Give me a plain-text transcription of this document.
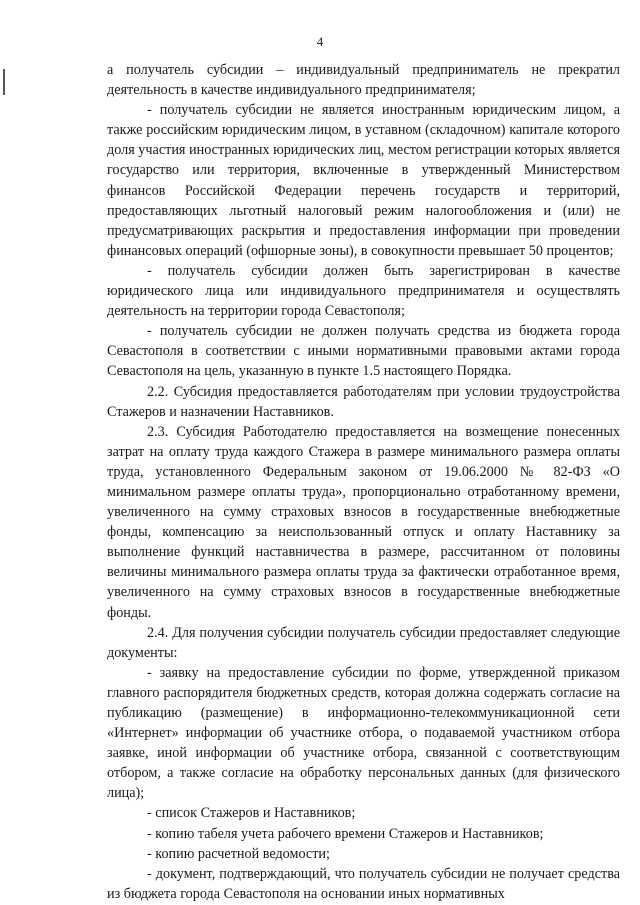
4

а получатель субсидии – индивидуальный предприниматель не прекратил деятельность в качестве индивидуального предпринимателя;

- получатель субсидии не является иностранным юридическим лицом, а также российским юридическим лицом, в уставном (складочном) капитале которого доля участия иностранных юридических лиц, местом регистрации которых является государство или территория, включенные в утвержденный Министерством финансов Российской Федерации перечень государств и территорий, предоставляющих льготный налоговый режим налогообложения и (или) не предусматривающих раскрытия и предоставления информации при проведении финансовых операций (офшорные зоны), в совокупности превышает 50 процентов;

- получатель субсидии должен быть зарегистрирован в качестве юридического лица или индивидуального предпринимателя и осуществлять деятельность на территории города Севастополя;

- получатель субсидии не должен получать средства из бюджета города Севастополя в соответствии с иными нормативными правовыми актами города Севастополя на цель, указанную в пункте 1.5 настоящего Порядка.

2.2. Субсидия предоставляется работодателям при условии трудоустройства Стажеров и назначении Наставников.

2.3. Субсидия Работодателю предоставляется на возмещение понесенных затрат на оплату труда каждого Стажера в размере минимального размера оплаты труда, установленного Федеральным законом от 19.06.2000 № 82-ФЗ «О минимальном размере оплаты труда», пропорционально отработанному времени, увеличенного на сумму страховых взносов в государственные внебюджетные фонды, компенсацию за неиспользованный отпуск и оплату Наставнику за выполнение функций наставничества в размере, рассчитанном от половины величины минимального размера оплаты труда за фактически отработанное время, увеличенного на сумму страховых взносов в государственные внебюджетные фонды.

2.4. Для получения субсидии получатель субсидии предоставляет следующие документы:

- заявку на предоставление субсидии по форме, утвержденной приказом главного распорядителя бюджетных средств, которая должна содержать согласие на публикацию (размещение) в информационно-телекоммуникационной сети «Интернет» информации об участнике отбора, о подаваемой участником отбора заявке, иной информации об участнике отбора, связанной с соответствующим отбором, а также согласие на обработку персональных данных (для физического лица);

- список Стажеров и Наставников;

- копию табеля учета рабочего времени Стажеров и Наставников;

- копию расчетной ведомости;

- документ, подтверждающий, что получатель субсидии не получает средства из бюджета города Севастополя на основании иных нормативных
